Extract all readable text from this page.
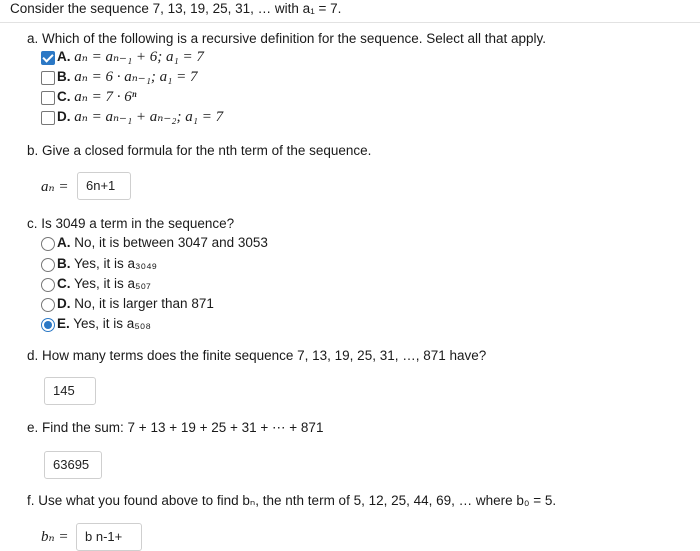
Consider the sequence 7, 13, 19, 25, 31, … with a₁ = 7.
a. Which of the following is a recursive definition for the sequence. Select all that apply.
A. aₙ = aₙ₋₁ + 6; a₁ = 7
B. aₙ = 6 · aₙ₋₁; a₁ = 7
C. aₙ = 7 · 6ⁿ
D. aₙ = aₙ₋₁ + aₙ₋₂; a₁ = 7
b. Give a closed formula for the nth term of the sequence.
aₙ =	6n+1
c. Is 3049 a term in the sequence?
A. No, it is between 3047 and 3053
B. Yes, it is a₃₀₄₉
C. Yes, it is a₅₀₇
D. No, it is larger than 871
E. Yes, it is a₅₀₈
d. How many terms does the finite sequence 7, 13, 19, 25, 31, …, 871 have?
145
e. Find the sum: 7 + 13 + 19 + 25 + 31 + ⋯ + 871
63695
f. Use what you found above to find bₙ, the nth term of 5, 12, 25, 44, 69, … where b₀ = 5.
bₙ =	b n-1+
